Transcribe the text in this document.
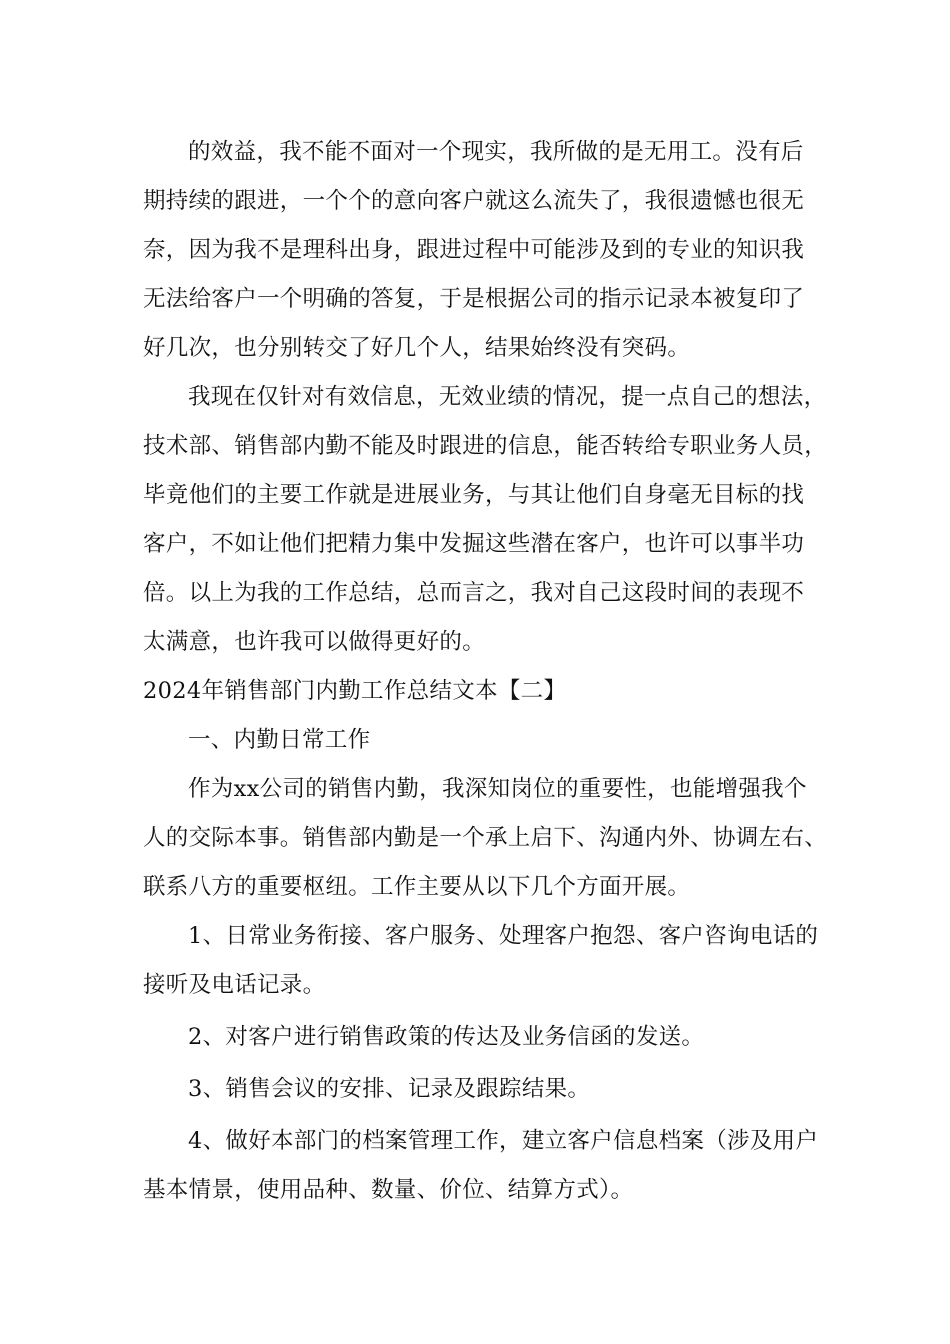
的效益，我不能不面对一个现实，我所做的是无用工。没有后
期持续的跟进，一个个的意向客户就这么流失了，我很遗憾也很无
奈，因为我不是理科出身，跟进过程中可能涉及到的专业的知识我
无法给客户一个明确的答复，于是根据公司的指示记录本被复印了
好几次，也分别转交了好几个人，结果始终没有突码。
我现在仅针对有效信息，无效业绩的情况，提一点自己的想法，
技术部、销售部内勤不能及时跟进的信息，能否转给专职业务人员，
毕竟他们的主要工作就是进展业务，与其让他们自身毫无目标的找
客户，不如让他们把精力集中发掘这些潜在客户，也许可以事半功
倍。以上为我的工作总结，总而言之，我对自己这段时间的表现不
太满意，也许我可以做得更好的。
2024年销售部门内勤工作总结文本【二】
一、内勤日常工作
作为xx公司的销售内勤，我深知岗位的重要性，也能增强我个
人的交际本事。销售部内勤是一个承上启下、沟通内外、协调左右、
联系八方的重要枢纽。工作主要从以下几个方面开展。
1、日常业务衔接、客户服务、处理客户抱怨、客户咨询电话的
接听及电话记录。
2、对客户进行销售政策的传达及业务信函的发送。
3、销售会议的安排、记录及跟踪结果。
4、做好本部门的档案管理工作，建立客户信息档案（涉及用户
基本情景，使用品种、数量、价位、结算方式）。
